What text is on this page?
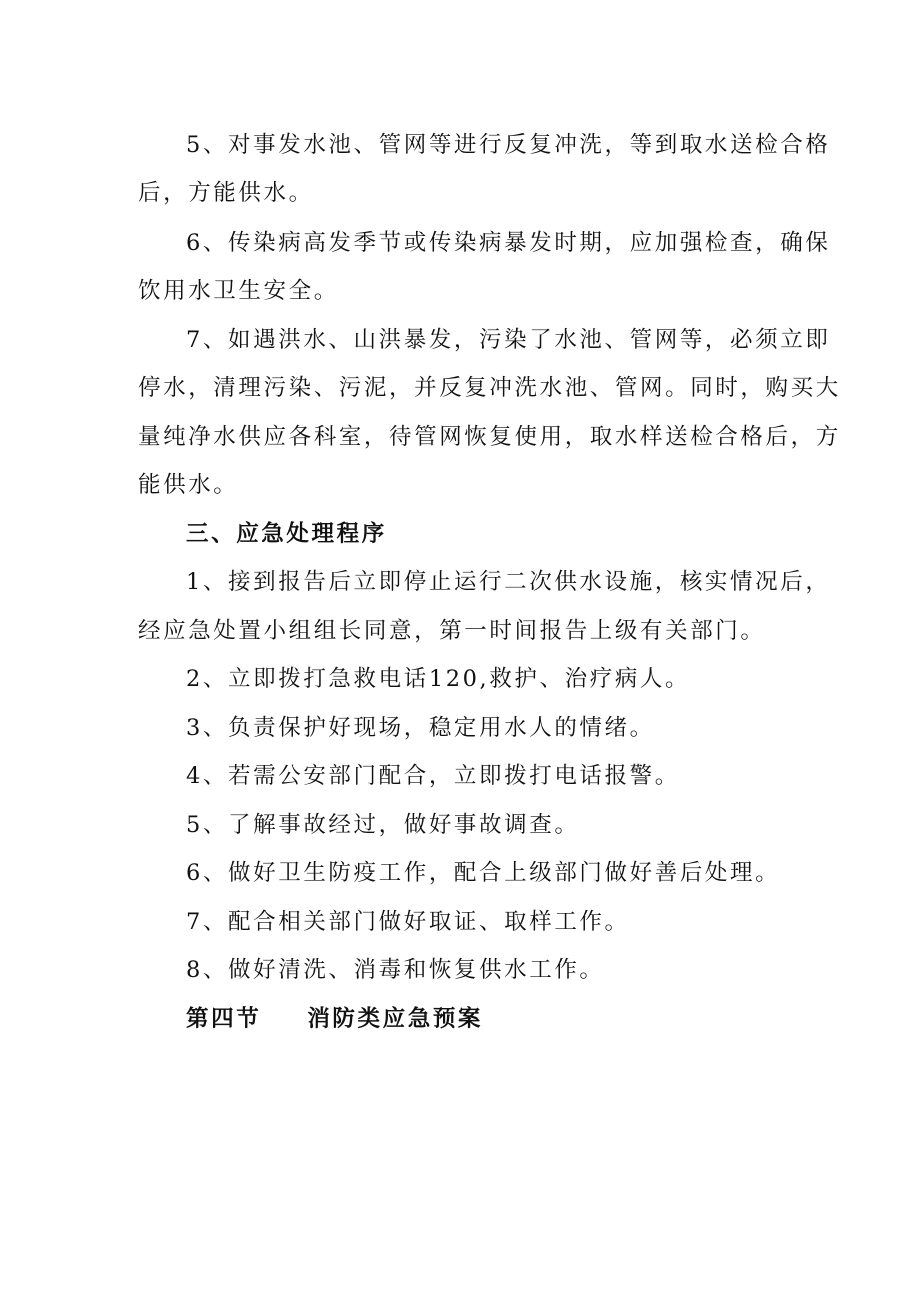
5、对事发水池、管网等进行反复冲洗，等到取水送检合格
后，方能供水。
6、传染病高发季节或传染病暴发时期，应加强检查，确保
饮用水卫生安全。
7、如遇洪水、山洪暴发，污染了水池、管网等，必须立即
停水，清理污染、污泥，并反复冲洗水池、管网。同时，购买大
量纯净水供应各科室，待管网恢复使用，取水样送检合格后，方
能供水。
三、应急处理程序
1、接到报告后立即停止运行二次供水设施，核实情况后，
经应急处置小组组长同意，第一时间报告上级有关部门。
2、立即拨打急救电话120,救护、治疗病人。
3、负责保护好现场，稳定用水人的情绪。
4、若需公安部门配合，立即拨打电话报警。
5、了解事故经过，做好事故调查。
6、做好卫生防疫工作，配合上级部门做好善后处理。
7、配合相关部门做好取证、取样工作。
8、做好清洗、消毒和恢复供水工作。
第四节 消防类应急预案
